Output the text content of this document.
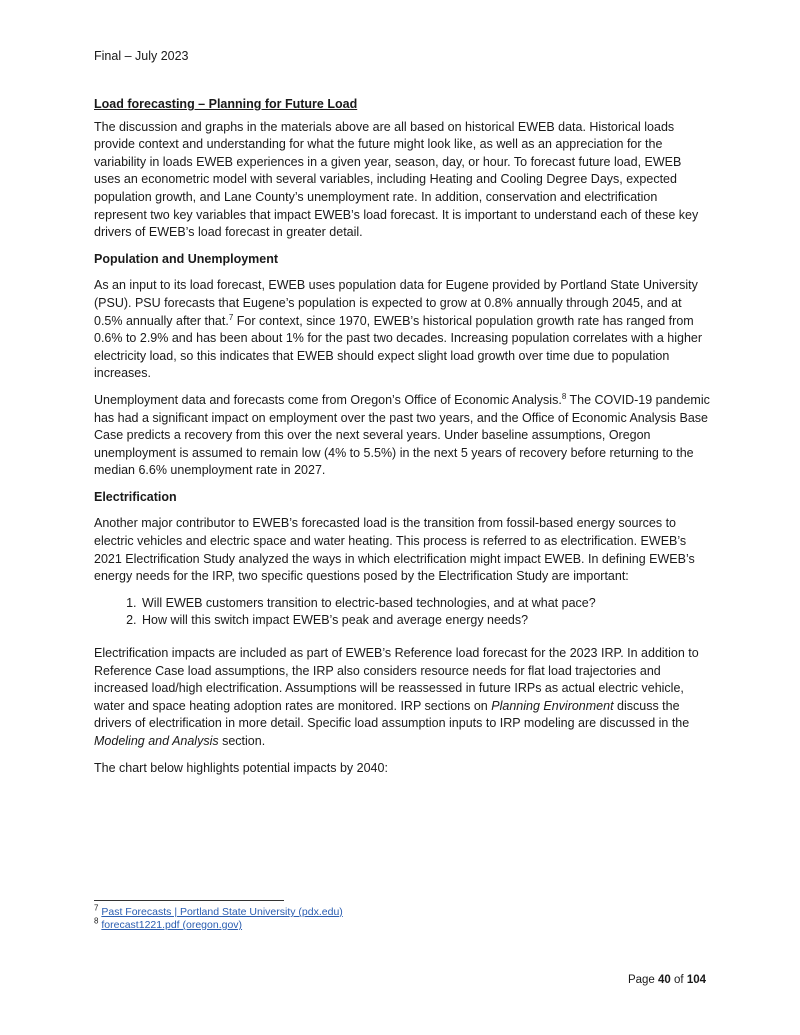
Final – July 2023
Load forecasting – Planning for Future Load

The discussion and graphs in the materials above are all based on historical EWEB data. Historical loads provide context and understanding for what the future might look like, as well as an appreciation for the variability in loads EWEB experiences in a given year, season, day, or hour. To forecast future load, EWEB uses an econometric model with several variables, including Heating and Cooling Degree Days, expected population growth, and Lane County’s unemployment rate. In addition, conservation and electrification represent two key variables that impact EWEB’s load forecast. It is important to understand each of these key drivers of EWEB’s load forecast in greater detail.

Population and Unemployment

As an input to its load forecast, EWEB uses population data for Eugene provided by Portland State University (PSU). PSU forecasts that Eugene’s population is expected to grow at 0.8% annually through 2045, and at 0.5% annually after that.$^7$ For context, since 1970, EWEB’s historical population growth rate has ranged from 0.6% to 2.9% and has been about 1% for the past two decades. Increasing population correlates with a higher electricity load, so this indicates that EWEB should expect slight load growth over time due to population increases.

Unemployment data and forecasts come from Oregon’s Office of Economic Analysis.$^8$ The COVID-19 pandemic has had a significant impact on employment over the past two years, and the Office of Economic Analysis Base Case predicts a recovery from this over the next several years. Under baseline assumptions, Oregon unemployment is assumed to remain low (4% to 5.5%) in the next 5 years of recovery before returning to the median 6.6% unemployment rate in 2027.

Electrification

Another major contributor to EWEB’s forecasted load is the transition from fossil-based energy sources to electric vehicles and electric space and water heating. This process is referred to as electrification. EWEB’s 2021 Electrification Study analyzed the ways in which electrification might impact EWEB. In defining EWEB’s energy needs for the IRP, two specific questions posed by the Electrification Study are important:

1. Will EWEB customers transition to electric-based technologies, and at what pace?
2. How will this switch impact EWEB’s peak and average energy needs?

Electrification impacts are included as part of EWEB’s Reference load forecast for the 2023 IRP. In addition to Reference Case load assumptions, the IRP also considers resource needs for flat load trajectories and increased load/high electrification. Assumptions will be reassessed in future IRPs as actual electric vehicle, water and space heating adoption rates are monitored. IRP sections on Planning Environment discuss the drivers of electrification in more detail. Specific load assumption inputs to IRP modeling are discussed in the Modeling and Analysis section.

The chart below highlights potential impacts by 2040:

$^7$ Past Forecasts | Portland State University (pdx.edu)
$^8$ forecast1221.pdf (oregon.gov)
Page 40 of 104
